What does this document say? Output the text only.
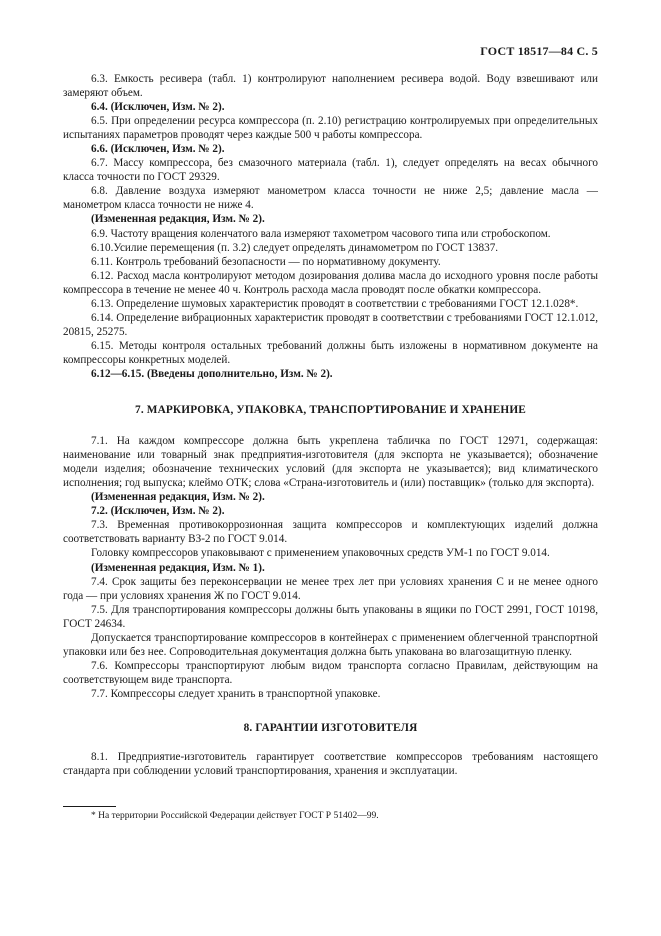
ГОСТ 18517—84 С. 5

6.3. Емкость ресивера (табл. 1) контролируют наполнением ресивера водой. Воду взвешивают или замеряют объем.

6.4. (Исключен, Изм. № 2).

6.5. При определении ресурса компрессора (п. 2.10) регистрацию контролируемых при определительных испытаниях параметров проводят через каждые 500 ч работы компрессора.

6.6. (Исключен, Изм. № 2).

6.7. Массу компрессора, без смазочного материала (табл. 1), следует определять на весах обычного класса точности по ГОСТ 29329.

6.8. Давление воздуха измеряют манометром класса точности не ниже 2,5; давление масла — манометром класса точности не ниже 4.

(Измененная редакция, Изм. № 2).

6.9. Частоту вращения коленчатого вала измеряют тахометром часового типа или стробоскопом.

6.10.Усилие перемещения (п. 3.2) следует определять динамометром по ГОСТ 13837.

6.11. Контроль требований безопасности — по нормативному документу.

6.12. Расход масла контролируют методом дозирования долива масла до исходного уровня после работы компрессора в течение не менее 40 ч. Контроль расхода масла проводят после обкатки компрессора.

6.13. Определение шумовых характеристик проводят в соответствии с требованиями ГОСТ 12.1.028*.

6.14. Определение вибрационных характеристик проводят в соответствии с требованиями ГОСТ 12.1.012, 20815, 25275.

6.15. Методы контроля остальных требований должны быть изложены в нормативном документе на компрессоры конкретных моделей.

6.12—6.15. (Введены дополнительно, Изм. № 2).

7. МАРКИРОВКА, УПАКОВКА, ТРАНСПОРТИРОВАНИЕ И ХРАНЕНИЕ

7.1. На каждом компрессоре должна быть укреплена табличка по ГОСТ 12971, содержащая: наименование или товарный знак предприятия-изготовителя (для экспорта не указывается); обозначение модели изделия; обозначение технических условий (для экспорта не указывается); вид климатического исполнения; год выпуска; клеймо ОТК; слова «Страна-изготовитель и (или) поставщик» (только для экспорта).

(Измененная редакция, Изм. № 2).

7.2. (Исключен, Изм. № 2).

7.3. Временная противокоррозионная защита компрессоров и комплектующих изделий должна соответствовать варианту ВЗ-2 по ГОСТ 9.014.

Головку компрессоров упаковывают с применением упаковочных средств УМ-1 по ГОСТ 9.014.

(Измененная редакция, Изм. № 1).

7.4. Срок защиты без переконсервации не менее трех лет при условиях хранения С и не менее одного года — при условиях хранения Ж по ГОСТ 9.014.

7.5. Для транспортирования компрессоры должны быть упакованы в ящики по ГОСТ 2991, ГОСТ 10198, ГОСТ 24634.

Допускается транспортирование компрессоров в контейнерах с применением облегченной транспортной упаковки или без нее. Сопроводительная документация должна быть упакована во влагозащитную пленку.

7.6. Компрессоры транспортируют любым видом транспорта согласно Правилам, действующим на соответствующем виде транспорта.

7.7. Компрессоры следует хранить в транспортной упаковке.

8. ГАРАНТИИ ИЗГОТОВИТЕЛЯ

8.1. Предприятие-изготовитель гарантирует соответствие компрессоров требованиям настоящего стандарта при соблюдении условий транспортирования, хранения и эксплуатации.

* На территории Российской Федерации действует ГОСТ Р 51402—99.
